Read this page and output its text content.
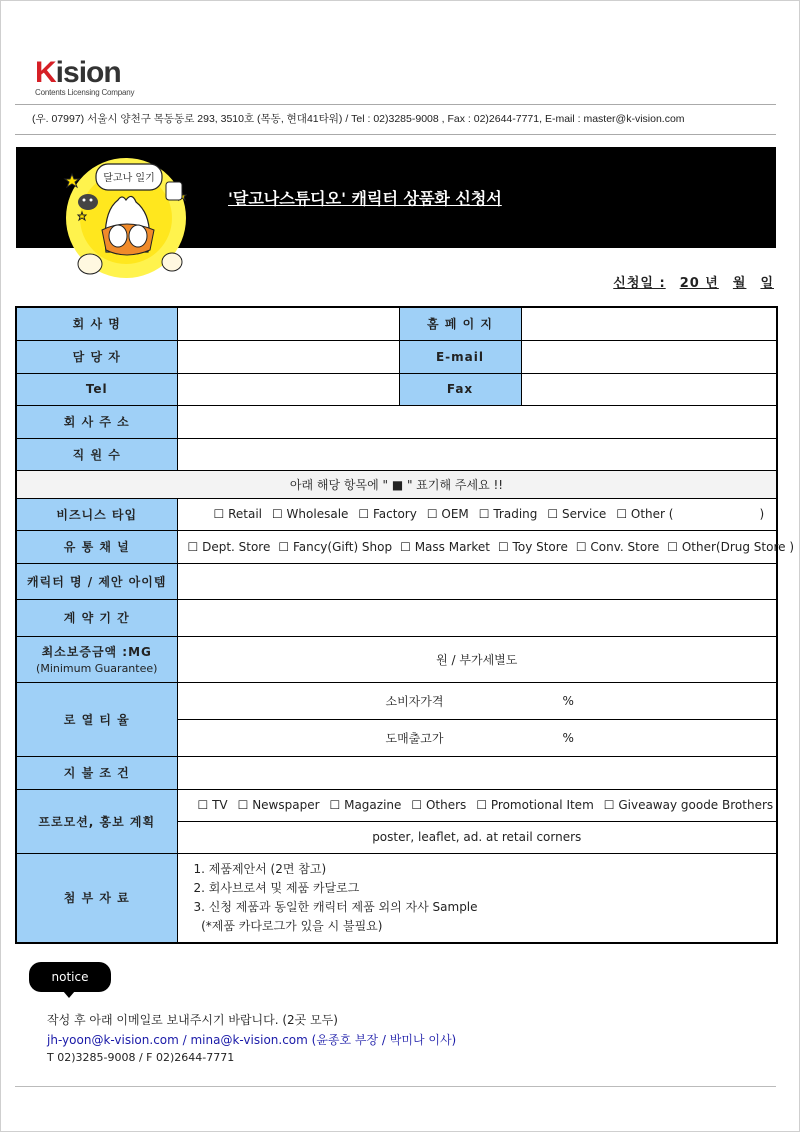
Kision
Contents Licensing Company
(우. 07997) 서울시 양천구 목동동로 293, 3510호 (목동, 현대41타워) / Tel : 02)3285-9008 , Fax : 02)2644-7771, E-mail : master@k-vision.com
달고나 일기
'달고나스튜디오' 캐릭터 상품화 신청서
신청일 : 20 년 월 일
회 사 명		홈 페 이 지	
담 당 자		E-mail	
Tel		Fax	
회 사 주 소			
직 원 수			
아래 해당 항목에 " ■ " 표기해 주세요 !!			
비즈니스 타입	☐ Retail ☐ Wholesale ☐ Factory ☐ OEM ☐ Trading ☐ Service ☐ Other ( )		

유 통 채 널	☐ Dept. Store ☐ Fancy(Gift) Shop ☐ Mass Market ☐ Toy Store ☐ Conv. Store ☐ Other(Drug Store )		

캐릭터 명 / 제안 아이템			
계 약 기 간			
최소보증금액 :MG
(Minimum Guarantee)	원 / 부가세별도		
로 열 티 율	소비자가격 %		

	도매출고가 %		

지 불 조 건			
프로모션, 홍보 계획	☐ TV ☐ Newspaper ☐ Magazine ☐ Others ☐ Promotional Item ☐ Giveaway goode Brothers		

	poster, leaflet, ad. at retail corners		
첨 부 자 료	1. 제품제안서 (2면 참고)
2. 회사브로셔 및 제품 카달로그
3. 신청 제품과 동일한 캐릭터 제품 외의 자사 Sample
(*제품 카다로그가 있을 시 불필요)		
notice
작성 후 아래 이메일로 보내주시기 바랍니다. (2곳 모두)
jh-yoon@k-vision.com / mina@k-vision.com (윤종호 부장 / 박미나 이사)
T 02)3285-9008 / F 02)2644-7771
